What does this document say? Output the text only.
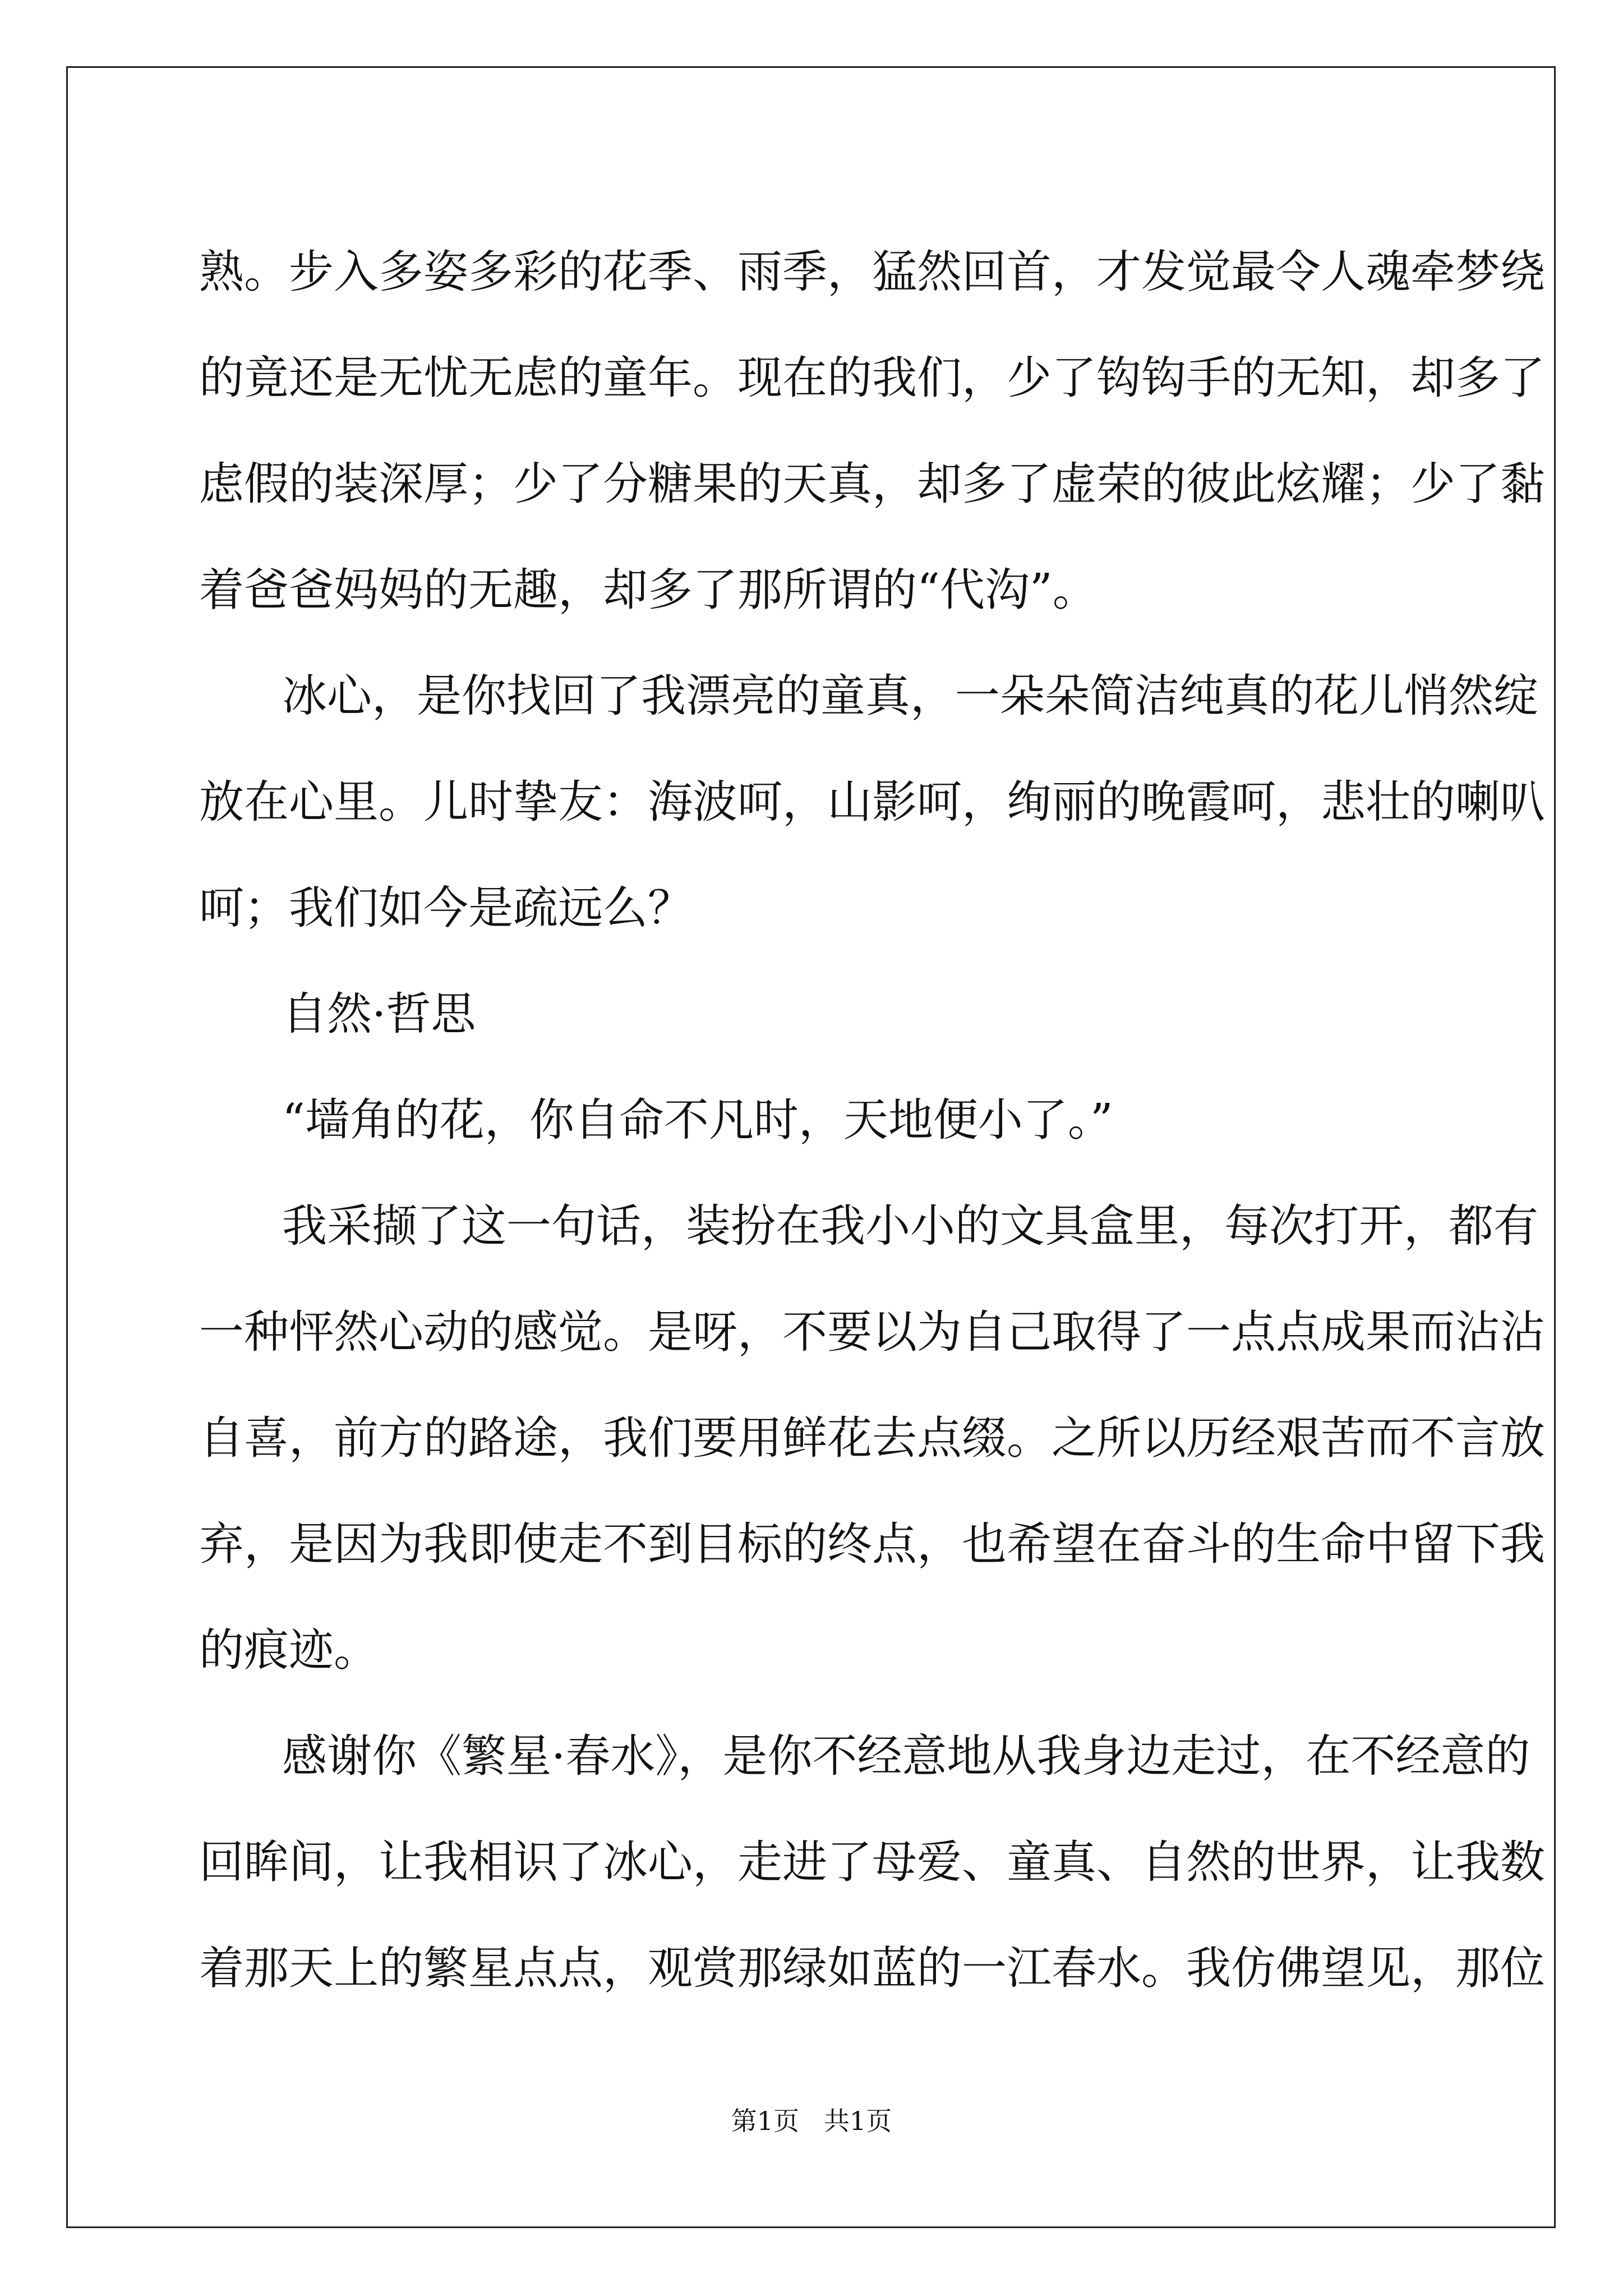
熟。步入多姿多彩的花季、雨季，猛然回首，才发觉最令人魂牵梦绕
的竟还是无忧无虑的童年。现在的我们，少了钩钩手的无知，却多了
虑假的装深厚；少了分糖果的天真，却多了虚荣的彼此炫耀；少了黏
着爸爸妈妈的无趣，却多了那所谓的“代沟”。
冰心，是你找回了我漂亮的童真，一朵朵简洁纯真的花儿悄然绽
放在心里。儿时挚友：海波呵，山影呵，绚丽的晚霞呵，悲壮的喇叭
呵；我们如今是疏远么？
自然·哲思
“墙角的花，你自命不凡时，天地便小了。”
我采撷了这一句话，装扮在我小小的文具盒里，每次打开，都有
一种怦然心动的感觉。是呀，不要以为自己取得了一点点成果而沾沾
自喜，前方的路途，我们要用鲜花去点缀。之所以历经艰苦而不言放
弃，是因为我即使走不到目标的终点，也希望在奋斗的生命中留下我
的痕迹。
感谢你《繁星·春水》，是你不经意地从我身边走过，在不经意的
回眸间，让我相识了冰心，走进了母爱、童真、自然的世界，让我数
着那天上的繁星点点，观赏那绿如蓝的一江春水。我仿佛望见，那位
第1页   共1页
